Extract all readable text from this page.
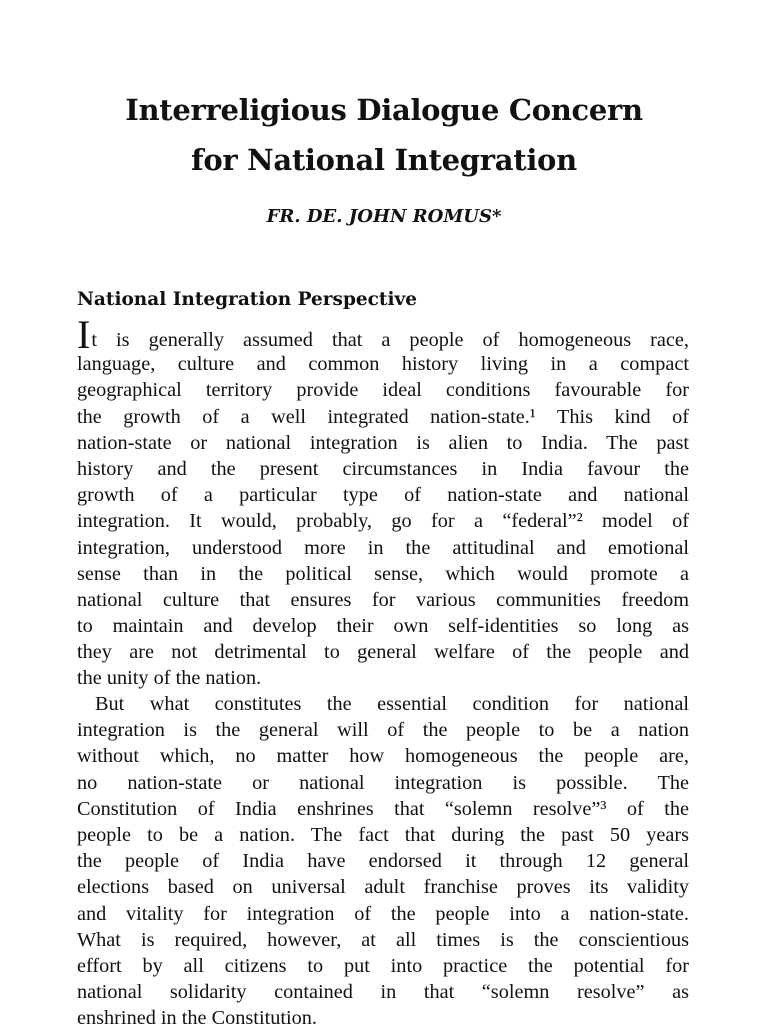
Interreligious Dialogue Concern
for National Integration

FR. DE. JOHN ROMUS*

National Integration Perspective
It is generally assumed that a people of homogeneous race,
language, culture and common history living in a compact
geographical territory provide ideal conditions favourable for
the growth of a well integrated nation-state.¹ This kind of
nation-state or national integration is alien to India. The past
history and the present circumstances in India favour the
growth of a particular type of nation-state and national
integration. It would, probably, go for a “federal”² model of
integration, understood more in the attitudinal and emotional
sense than in the political sense, which would promote a
national culture that ensures for various communities freedom
to maintain and develop their own self-identities so long as
they are not detrimental to general welfare of the people and
the unity of the nation.
But what constitutes the essential condition for national
integration is the general will of the people to be a nation
without which, no matter how homogeneous the people are,
no nation-state or national integration is possible. The
Constitution of India enshrines that “solemn resolve”³ of the
people to be a nation. The fact that during the past 50 years
the people of India have endorsed it through 12 general
elections based on universal adult franchise proves its validity
and vitality for integration of the people into a nation-state.
What is required, however, at all times is the conscientious
effort by all citizens to put into practice the potential for
national solidarity contained in that “solemn resolve” as
enshrined in the Constitution.
